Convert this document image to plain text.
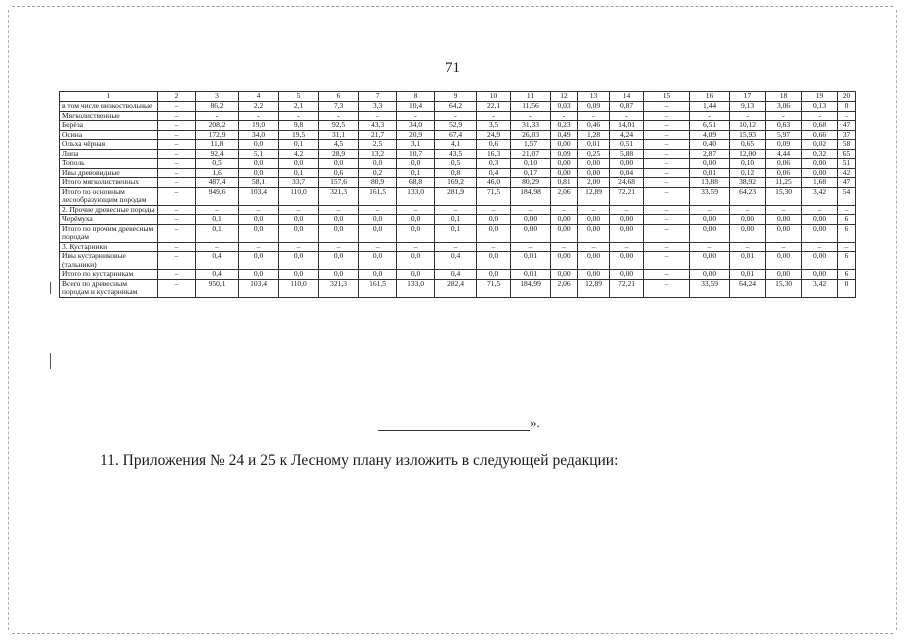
71
1	2	3	4	5	6	7	8	9	10	11	12	13	14	15	16	17	18	19	20
в том числе низкоствольные	–	86,2	2,2	2,1	7,3	3,3	10,4	64,2	22,1	11,56	0,03	0,09	0,87	–	1,44	9,13	3,06	0,13	0
Мягколиственные	–	-	-	-	-	-	-	-	-	-	-	-	-	–	-	-	-	-	-
Берёза	–	208,2	19,0	9,8	92,5	43,3	34,0	52,9	3,5	31,33	0,23	0,46	14,01	–	6,51	10,12	0,63	0,68	47
Осина	–	172,9	34,0	19,5	31,1	21,7	20,9	67,4	24,9	26,03	0,49	1,28	4,24	–	4,09	15,93	5,97	0,66	37
Ольха чёрная	–	11,8	0,0	0,1	4,5	2,5	3,1	4,1	0,6	1,57	0,00	0,01	0,51	–	0,40	0,65	0,09	0,02	58
Липа	–	92,4	5,1	4,2	28,9	13,2	10,7	43,5	16,3	21,07	0,09	0,25	5,88	–	2,87	12,00	4,44	0,32	65
Тополь	–	0,5	0,0	0,0	0,0	0,0	0,0	0,5	0,3	0,10	0,00	0,00	0,00	–	0,00	0,10	0,06	0,00	51
Ивы древовидные	–	1,6	0,0	0,1	0,6	0,2	0,1	0,8	0,4	0,17	0,00	0,00	0,04	–	0,01	0,12	0,06	0,00	42
Итого мягколиственных	–	487,4	58,1	33,7	157,6	80,9	68,8	169,2	46,0	80,29	0,81	2,00	24,68	–	13,88	38,92	11,25	1,68	47
Итого по основным лесообразующим породам	–	949,6	103,4	110,0	321,3	161,5	133,0	281,9	71,5	184,98	2,06	12,89	72,21	–	33,59	64,23	15,30	3,42	54
2. Прочие древесные породы	–	–	–	–	–	–	–	–	–	–	–	–	–	–	–	–	–	–	–
Черёмуха	–	0,1	0,0	0,0	0,0	0,0	0,0	0,1	0,0	0,00	0,00	0,00	0,00	–	0,00	0,00	0,00	0,00	6
Итого по прочим древесным породам	–	0,1	0,0	0,0	0,0	0,0	0,0	0,1	0,0	0,00	0,00	0,00	0,00	–	0,00	0,00	0,00	0,00	6
3. Кустарники	–	–	–	–	–	–	–	–	–	–	–	–	–	–	–	–	–	–	–
Ивы кустарниковые (тальники)	–	0,4	0,0	0,0	0,0	0,0	0,0	0,4	0,0	0,01	0,00	0,00	0,00	–	0,00	0,01	0,00	0,00	6
Итого по кустарникам	–	0,4	0,0	0,0	0,0	0,0	0,0	0,4	0,0	0,01	0,00	0,00	0,00	–	0,00	0,01	0,00	0,00	6
Всего по древесным породам и кустарникам	–	950,1	103,4	110,0	321,3	161,5	133,0	282,4	71,5	184,99	2,06	12,89	72,21	–	33,59	64,24	15,30	3,42	0
».
11. Приложения № 24 и 25 к Лесному плану изложить в следующей редакции:
